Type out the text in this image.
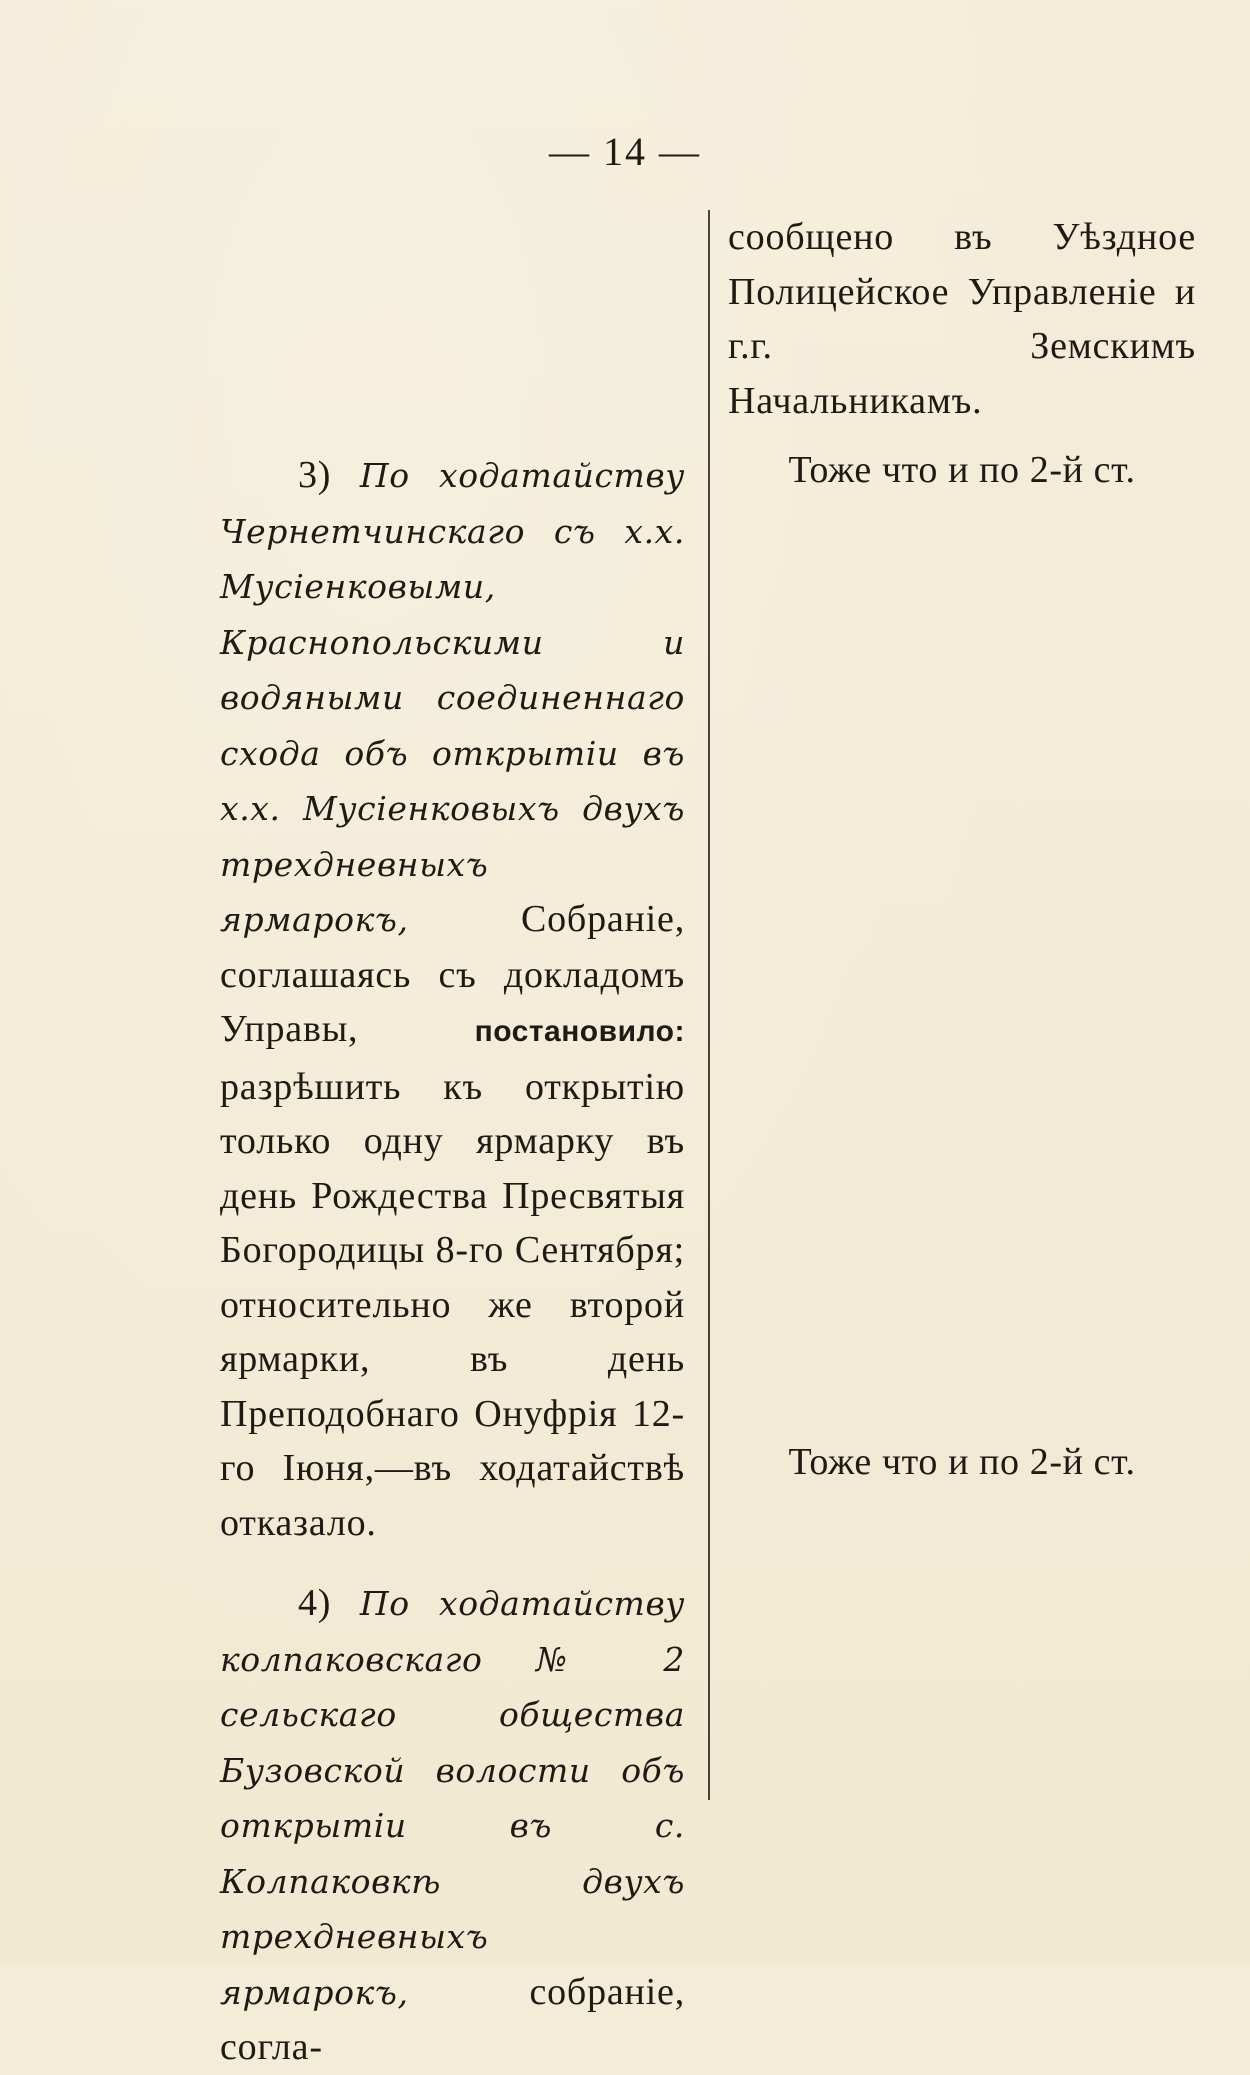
— 14 —

3) По ходатайству Чернетчинскаго съ х.х. Мусіенковыми, Краснопольскими и водяными соединеннаго схода объ открытіи въ х.х. Мусіенковыхъ двухъ трехдневныхъ ярмарокъ,	Собраніе, соглашаясь съ докладомъ Управы,	постановило: разрѣшить къ открытію только одну ярмарку въ день Рождества Пресвятыя Богородицы 8-го Сентября; относительно же второй ярмарки, въ день Преподобнаго Онуфрія 12-го Іюня,—въ ходатайствѣ отказало.

4) По ходатайству колпаковскаго № 2 сельскаго общества Бузовской волости объ открытіи въ с. Колпаковкѣ двухъ трехдневныхъ ярмарокъ,	собраніе, согла-

сообщено въ Уѣздное Полицейское Управленіе и г.г. Земскимъ Начальникамъ.

Тоже что и по 2-й ст.

Тоже что и по 2-й ст.
